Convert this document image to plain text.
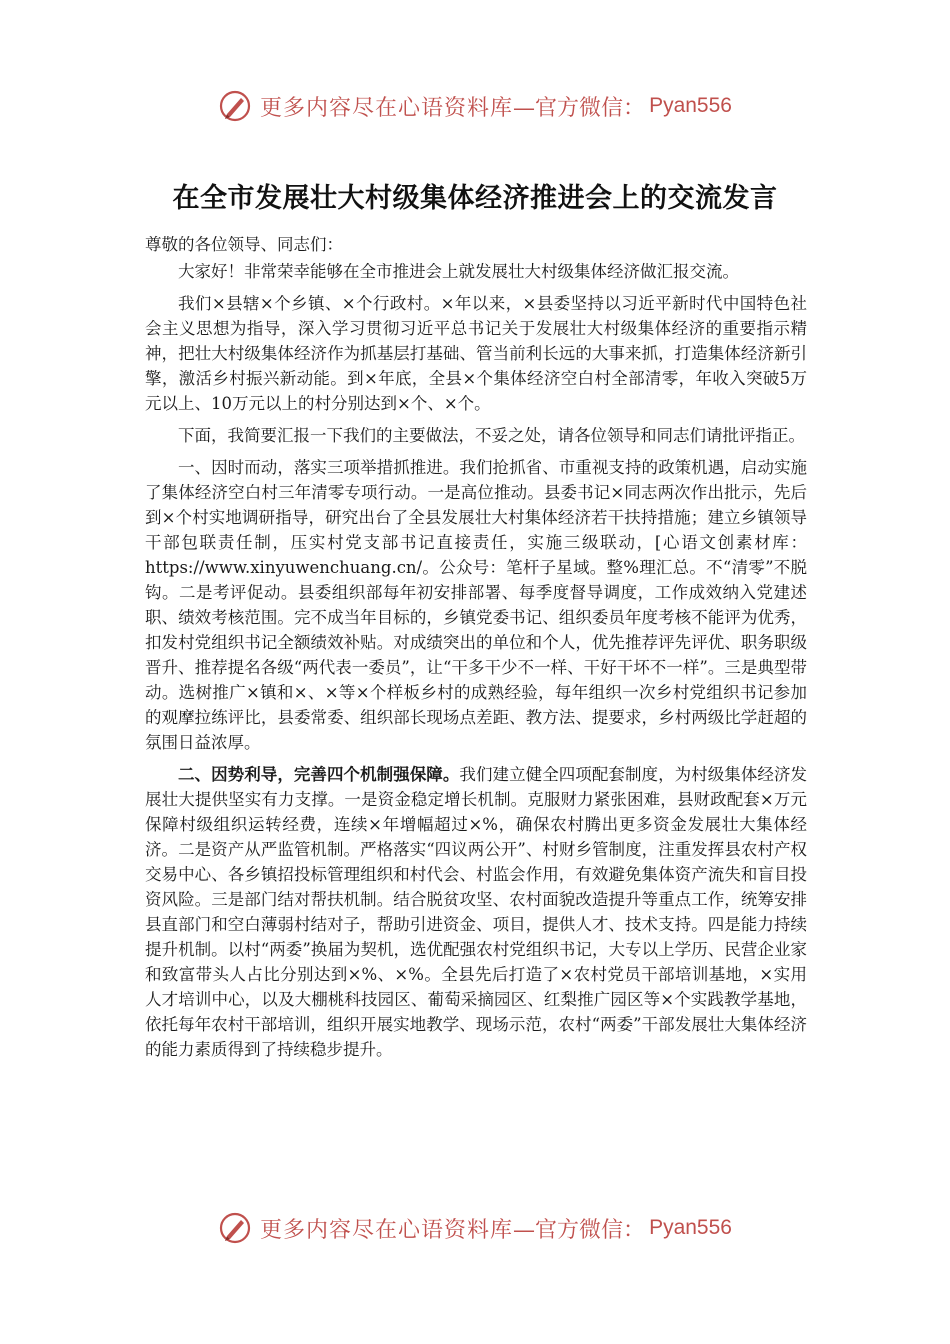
更多内容尽在心语资料库 —官方微信： Pyan556
在全市发展壮大村级集体经济推进会上的交流发言

尊敬的各位领导、同志们：

大家好！非常荣幸能够在全市推进会上就发展壮大村级集体经济做汇报交流。

我们×县辖×个乡镇、×个行政村。×年以来，×县委坚持以习近平新时代中国特色社会主义思想为指导，深入学习贯彻习近平总书记关于发展壮大村级集体经济的重要指示精神，把壮大村级集体经济作为抓基层打基础、管当前利长远的大事来抓，打造集体经济新引擎，激活乡村振兴新动能。到×年底，全县×个集体经济空白村全部清零，年收入突破5万元以上、10万元以上的村分别达到×个、×个。

下面，我简要汇报一下我们的主要做法，不妥之处，请各位领导和同志们请批评指正。

一、因时而动，落实三项举措抓推进。我们抢抓省、市重视支持的政策机遇，启动实施了集体经济空白村三年清零专项行动。一是高位推动。县委书记×同志两次作出批示，先后到×个村实地调研指导，研究出台了全县发展壮大村集体经济若干扶持措施；建立乡镇领导干部包联责任制，压实村党支部书记直接责任，实施三级联动，[心语文创素材库：https://www.xinyuwenchuang.cn/。公众号：笔杆子星域。整%理汇总。不“清零”不脱钩。二是考评促动。县委组织部每年初安排部署、每季度督导调度，工作成效纳入党建述职、绩效考核范围。完不成当年目标的，乡镇党委书记、组织委员年度考核不能评为优秀，扣发村党组织书记全额绩效补贴。对成绩突出的单位和个人，优先推荐评先评优、职务职级晋升、推荐提名各级“两代表一委员”，让“干多干少不一样、干好干坏不一样”。三是典型带动。选树推广×镇和×、×等×个样板乡村的成熟经验，每年组织一次乡村党组织书记参加的观摩拉练评比，县委常委、组织部长现场点差距、教方法、提要求，乡村两级比学赶超的氛围日益浓厚。

二、因势利导，完善四个机制强保障。我们建立健全四项配套制度，为村级集体经济发展壮大提供坚实有力支撑。一是资金稳定增长机制。克服财力紧张困难，县财政配套×万元保障村级组织运转经费，连续×年增幅超过×%，确保农村腾出更多资金发展壮大集体经济。二是资产从严监管机制。严格落实“四议两公开”、村财乡管制度，注重发挥县农村产权交易中心、各乡镇招投标管理组织和村代会、村监会作用，有效避免集体资产流失和盲目投资风险。三是部门结对帮扶机制。结合脱贫攻坚、农村面貌改造提升等重点工作，统筹安排县直部门和空白薄弱村结对子，帮助引进资金、项目，提供人才、技术支持。四是能力持续提升机制。以村“两委”换届为契机，选优配强农村党组织书记，大专以上学历、民营企业家和致富带头人占比分别达到×%、×%。全县先后打造了×农村党员干部培训基地，×实用人才培训中心，以及大棚桃科技园区、葡萄采摘园区、红梨推广园区等×个实践教学基地，依托每年农村干部培训，组织开展实地教学、现场示范，农村“两委”干部发展壮大集体经济的能力素质得到了持续稳步提升。

更多内容尽在心语资料库 —官方微信： Pyan556
